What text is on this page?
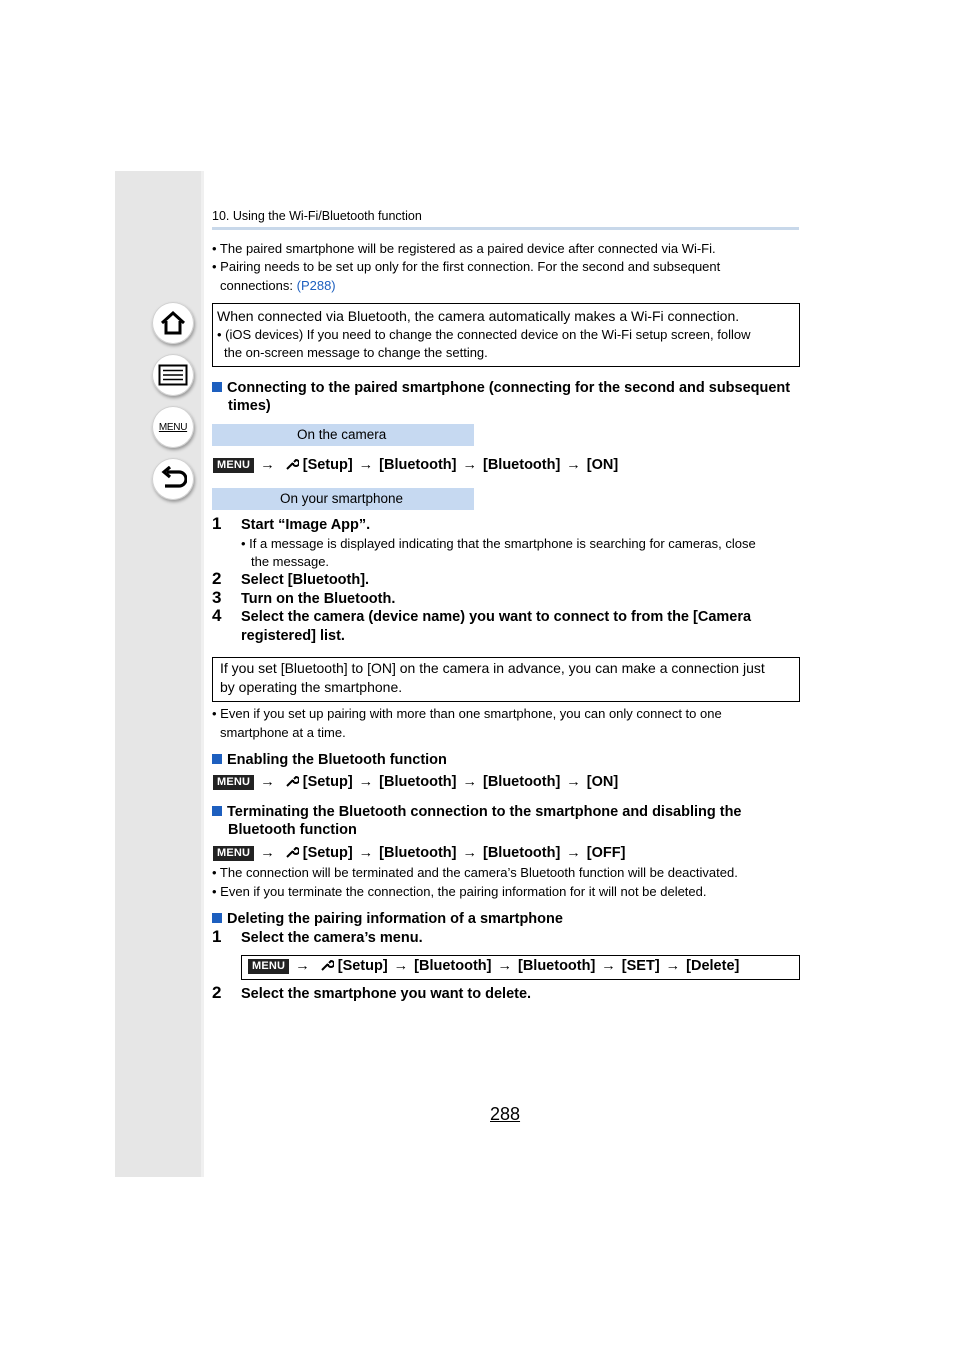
MENU
10. Using the Wi-Fi/Bluetooth function
• The paired smartphone will be registered as a paired device after connected via Wi-Fi.
• Pairing needs to be set up only for the first connection. For the second and subsequent
connections: (P288)
When connected via Bluetooth, the camera automatically makes a Wi-Fi connection.
• (iOS devices) If you need to change the connected device on the Wi-Fi setup screen, follow
the on-screen message to change the setting.
Connecting to the paired smartphone (connecting for the second and subsequent
times)
On the camera
MENU → [Setup] → [Bluetooth] → [Bluetooth] → [ON]
On your smartphone
1 Start “Image App”.
• If a message is displayed indicating that the smartphone is searching for cameras, close
the message.
2 Select [Bluetooth].
3 Turn on the Bluetooth.
4 Select the camera (device name) you want to connect to from the [Camera
registered] list.
If you set [Bluetooth] to [ON] on the camera in advance, you can make a connection just
by operating the smartphone.
• Even if you set up pairing with more than one smartphone, you can only connect to one
smartphone at a time.
Enabling the Bluetooth function
MENU → [Setup] → [Bluetooth] → [Bluetooth] → [ON]
Terminating the Bluetooth connection to the smartphone and disabling the
Bluetooth function
MENU → [Setup] → [Bluetooth] → [Bluetooth] → [OFF]
• The connection will be terminated and the camera’s Bluetooth function will be deactivated.
• Even if you terminate the connection, the pairing information for it will not be deleted.
Deleting the pairing information of a smartphone
1 Select the camera’s menu.
MENU → [Setup] → [Bluetooth] → [Bluetooth] → [SET] → [Delete]
2 Select the smartphone you want to delete.
288
